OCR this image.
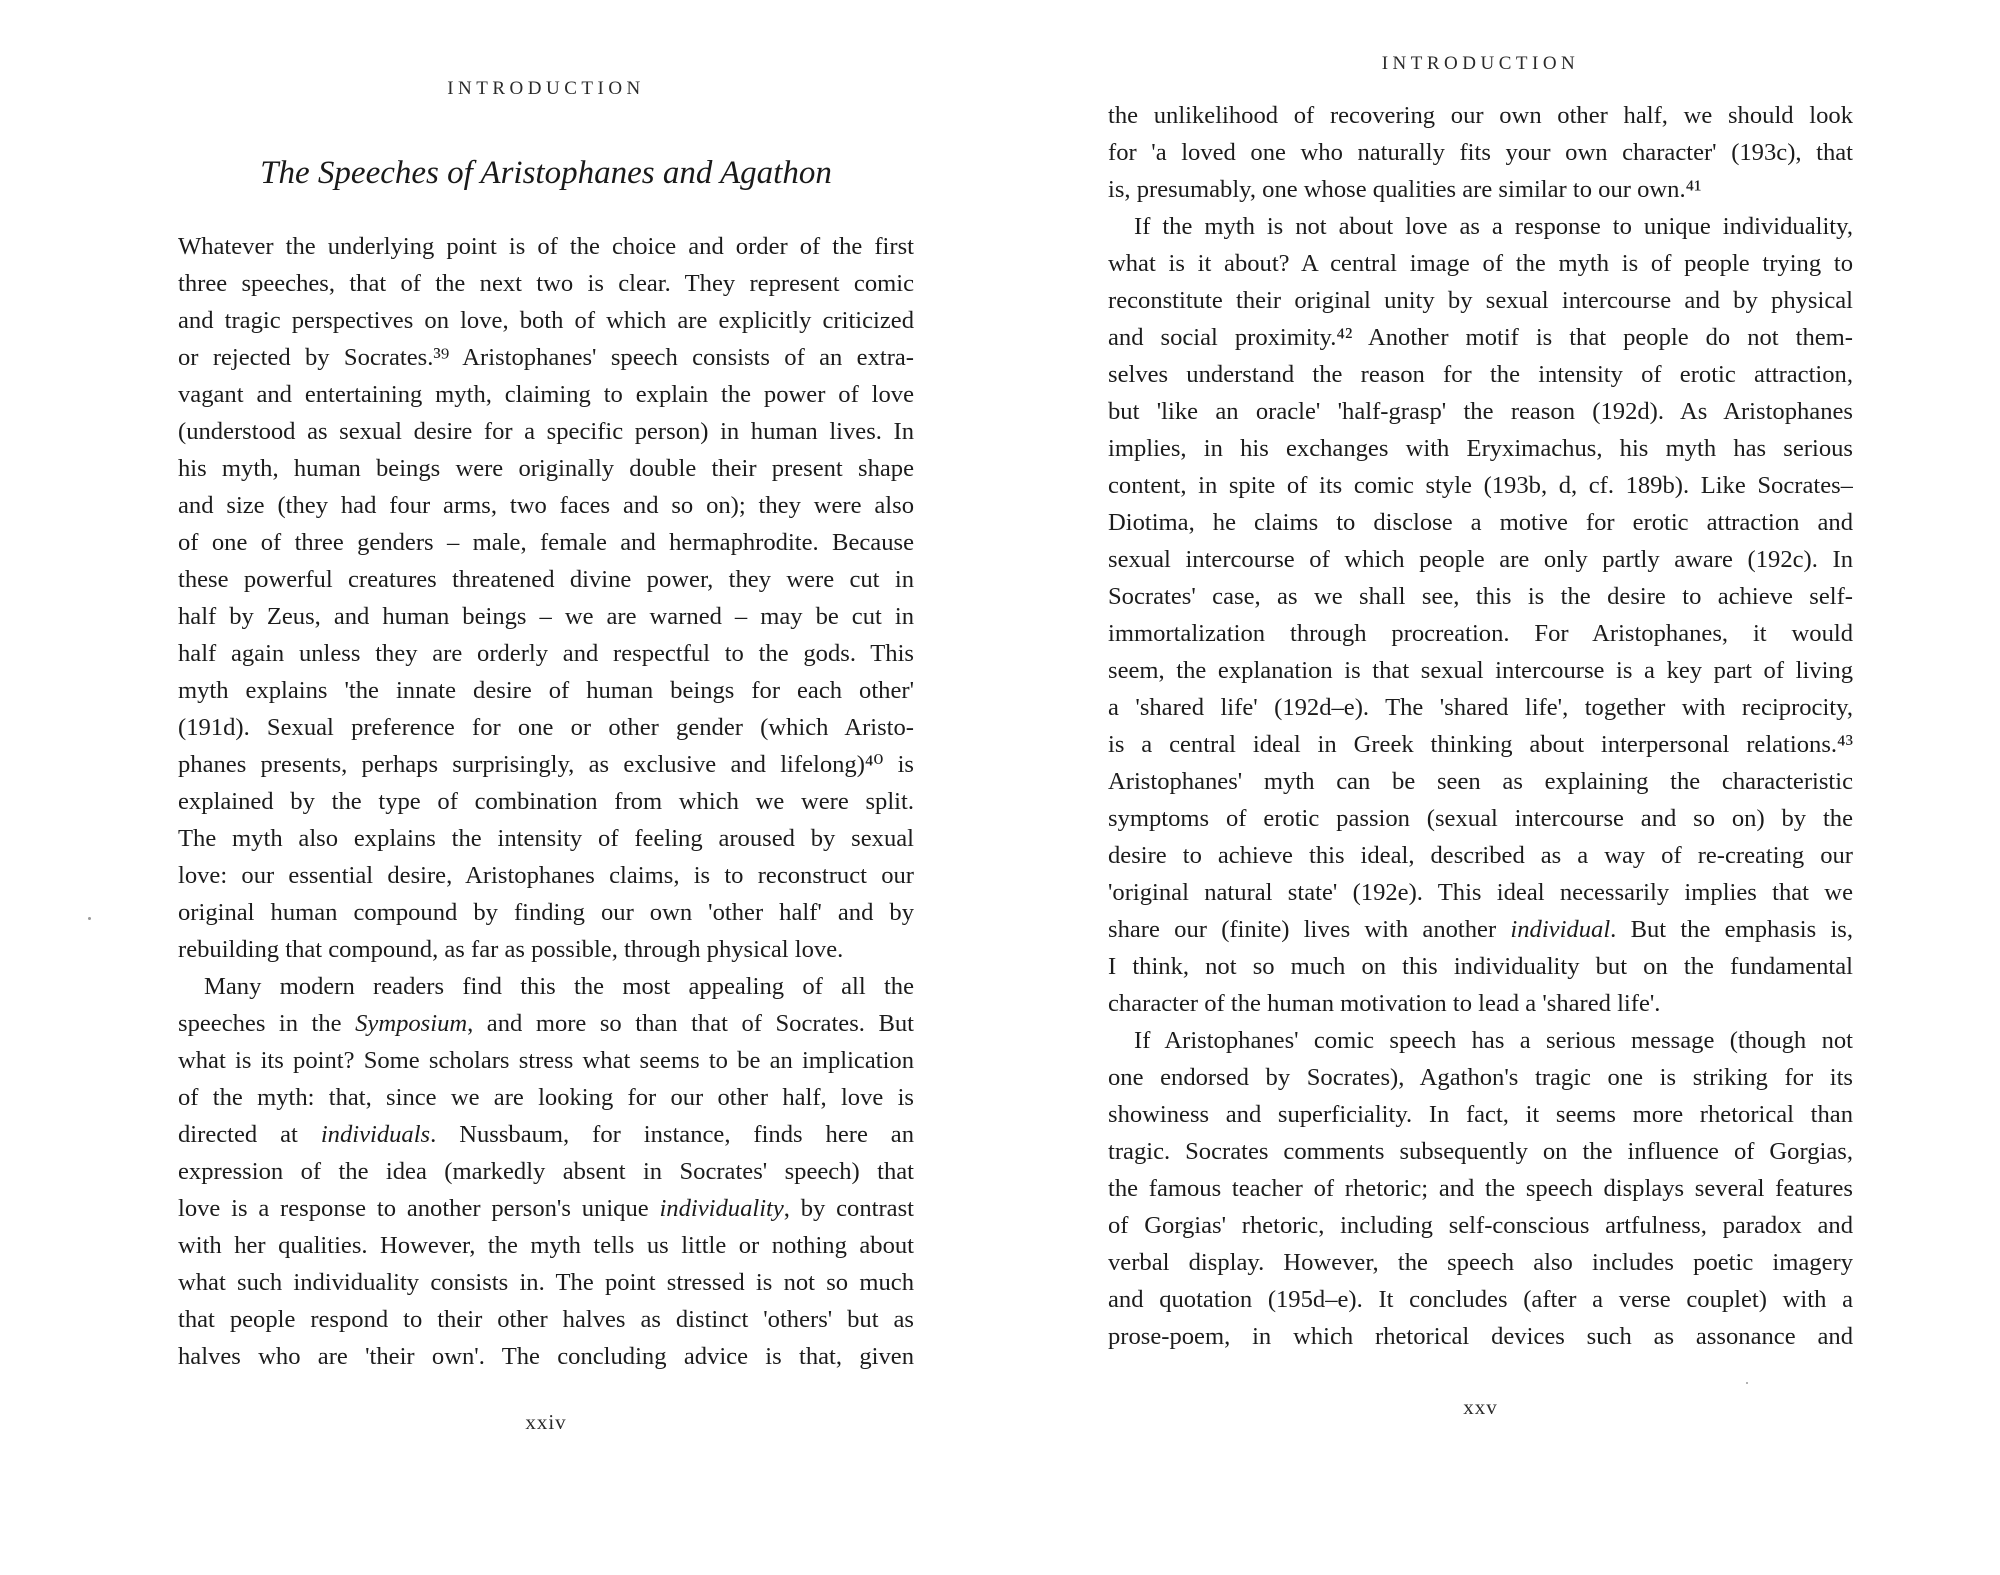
INTRODUCTION
The Speeches of Aristophanes and Agathon
Whatever the underlying point is of the choice and order of the first
three speeches, that of the next two is clear. They represent comic
and tragic perspectives on love, both of which are explicitly criticized
or rejected by Socrates.³⁹ Aristophanes' speech consists of an extra-
vagant and entertaining myth, claiming to explain the power of love
(understood as sexual desire for a specific person) in human lives. In
his myth, human beings were originally double their present shape
and size (they had four arms, two faces and so on); they were also
of one of three genders – male, female and hermaphrodite. Because
these powerful creatures threatened divine power, they were cut in
half by Zeus, and human beings – we are warned – may be cut in
half again unless they are orderly and respectful to the gods. This
myth explains 'the innate desire of human beings for each other'
(191d). Sexual preference for one or other gender (which Aristo-
phanes presents, perhaps surprisingly, as exclusive and lifelong)⁴⁰ is
explained by the type of combination from which we were split.
The myth also explains the intensity of feeling aroused by sexual
love: our essential desire, Aristophanes claims, is to reconstruct our
original human compound by finding our own 'other half' and by
rebuilding that compound, as far as possible, through physical love.
Many modern readers find this the most appealing of all the
speeches in the Symposium, and more so than that of Socrates. But
what is its point? Some scholars stress what seems to be an implication
of the myth: that, since we are looking for our other half, love is
directed at individuals. Nussbaum, for instance, finds here an
expression of the idea (markedly absent in Socrates' speech) that
love is a response to another person's unique individuality, by contrast
with her qualities. However, the myth tells us little or nothing about
what such individuality consists in. The point stressed is not so much
that people respond to their other halves as distinct 'others' but as
halves who are 'their own'. The concluding advice is that, given
xxiv
INTRODUCTION
the unlikelihood of recovering our own other half, we should look
for 'a loved one who naturally fits your own character' (193c), that
is, presumably, one whose qualities are similar to our own.⁴¹
If the myth is not about love as a response to unique individuality,
what is it about? A central image of the myth is of people trying to
reconstitute their original unity by sexual intercourse and by physical
and social proximity.⁴² Another motif is that people do not them-
selves understand the reason for the intensity of erotic attraction,
but 'like an oracle' 'half-grasp' the reason (192d). As Aristophanes
implies, in his exchanges with Eryximachus, his myth has serious
content, in spite of its comic style (193b, d, cf. 189b). Like Socrates–
Diotima, he claims to disclose a motive for erotic attraction and
sexual intercourse of which people are only partly aware (192c). In
Socrates' case, as we shall see, this is the desire to achieve self-
immortalization through procreation. For Aristophanes, it would
seem, the explanation is that sexual intercourse is a key part of living
a 'shared life' (192d–e). The 'shared life', together with reciprocity,
is a central ideal in Greek thinking about interpersonal relations.⁴³
Aristophanes' myth can be seen as explaining the characteristic
symptoms of erotic passion (sexual intercourse and so on) by the
desire to achieve this ideal, described as a way of re-creating our
'original natural state' (192e). This ideal necessarily implies that we
share our (finite) lives with another individual. But the emphasis is,
I think, not so much on this individuality but on the fundamental
character of the human motivation to lead a 'shared life'.
If Aristophanes' comic speech has a serious message (though not
one endorsed by Socrates), Agathon's tragic one is striking for its
showiness and superficiality. In fact, it seems more rhetorical than
tragic. Socrates comments subsequently on the influence of Gorgias,
the famous teacher of rhetoric; and the speech displays several features
of Gorgias' rhetoric, including self-conscious artfulness, paradox and
verbal display. However, the speech also includes poetic imagery
and quotation (195d–e). It concludes (after a verse couplet) with a
prose-poem, in which rhetorical devices such as assonance and
xxv
